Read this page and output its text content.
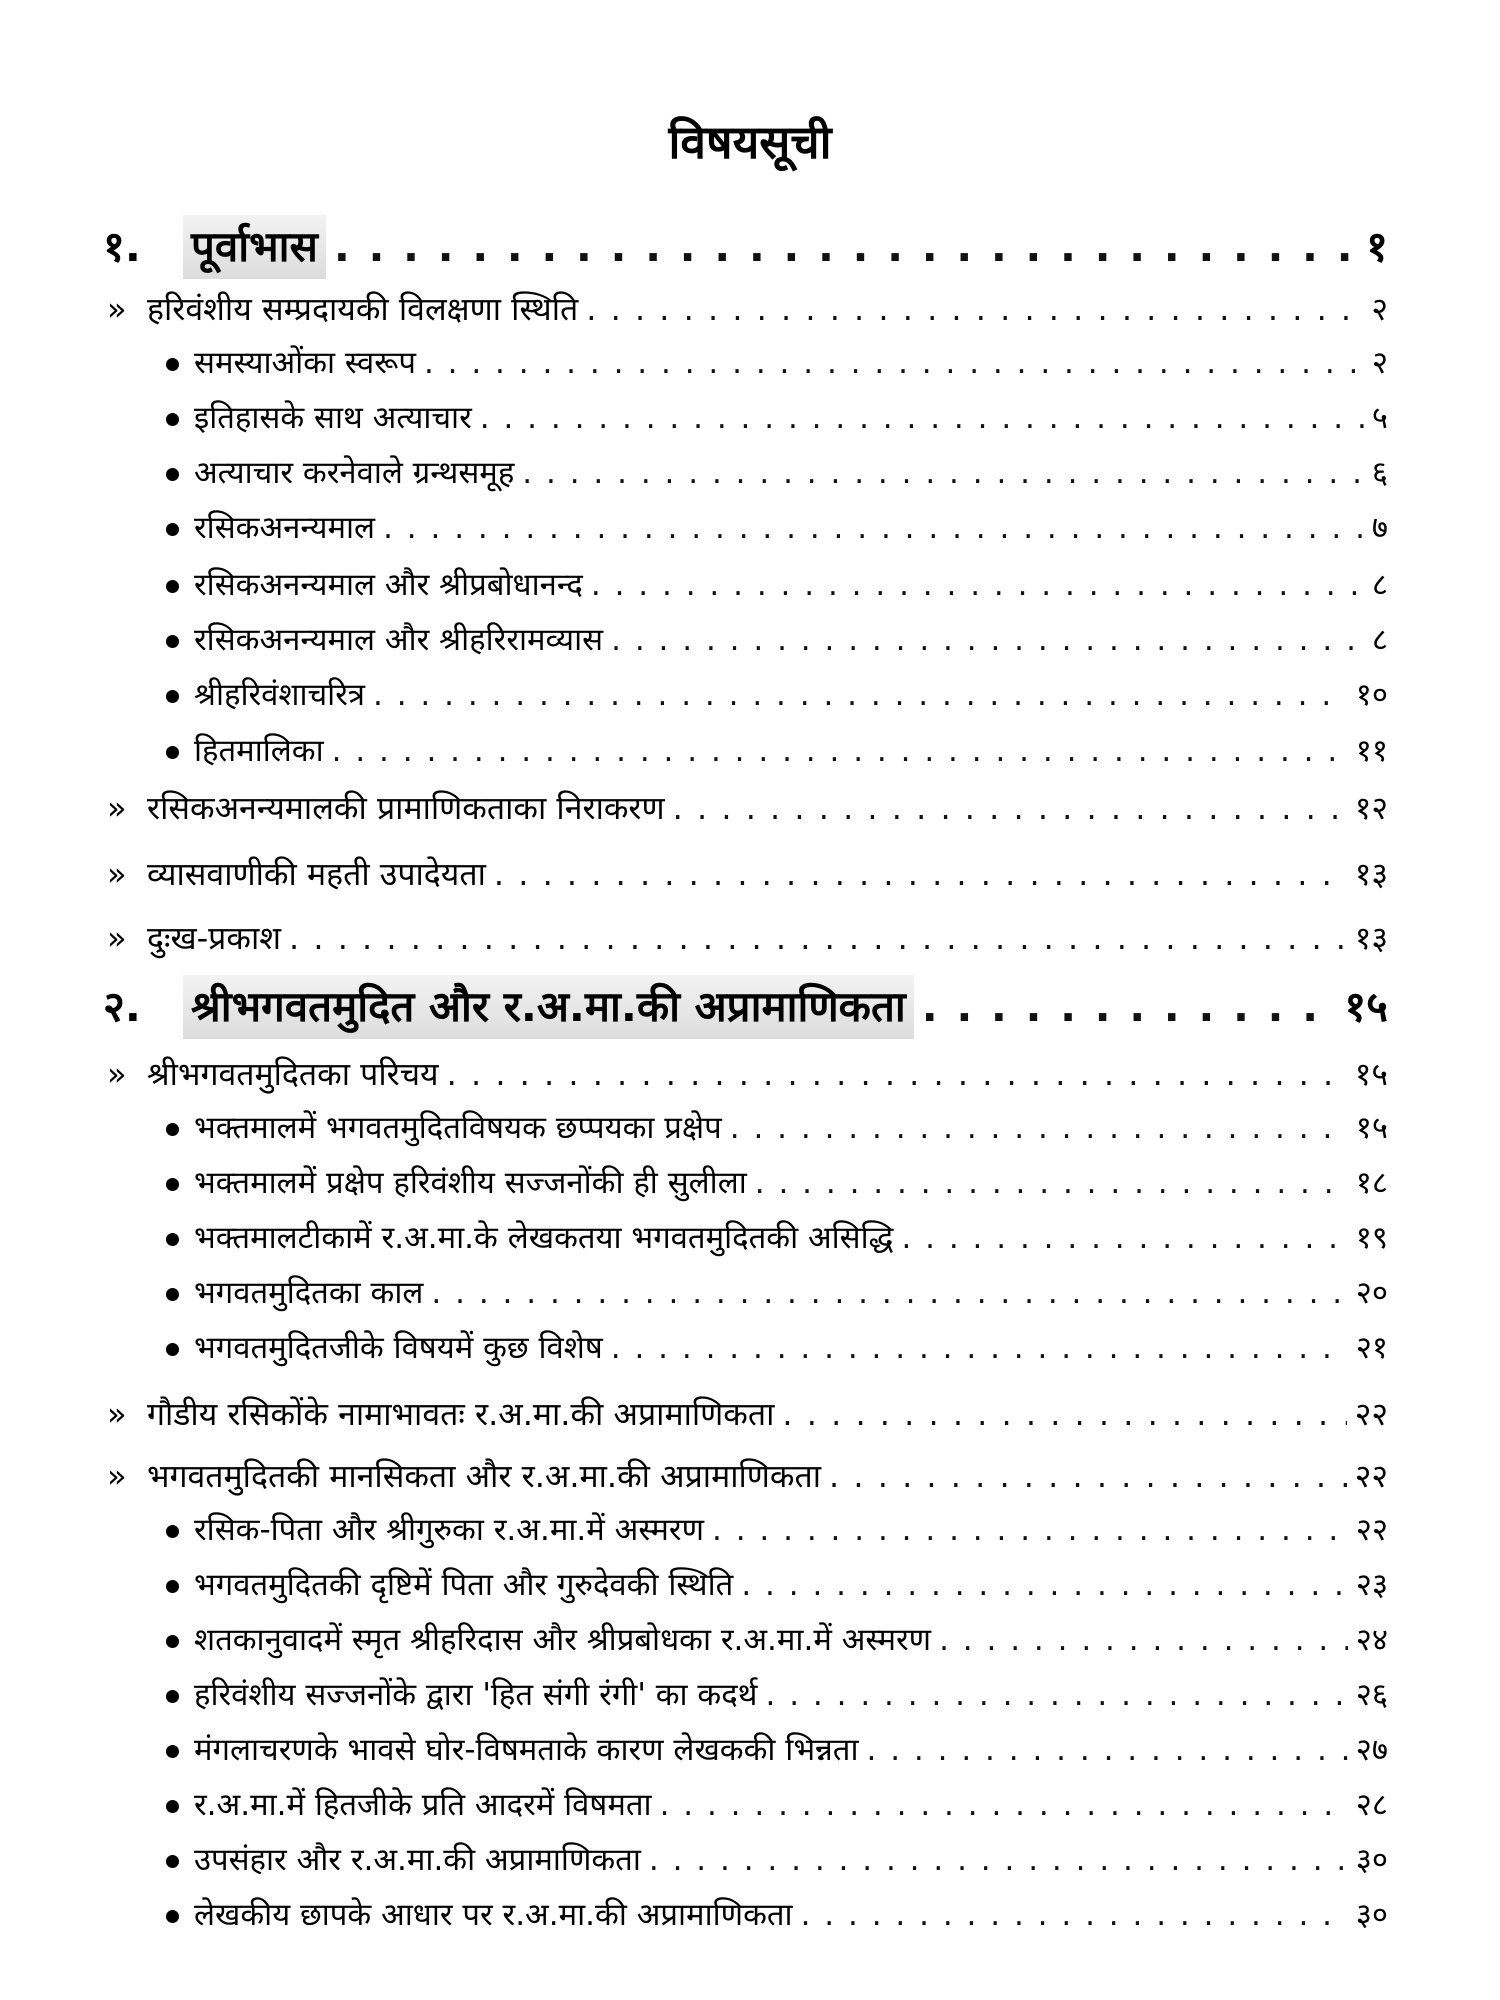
विषयसूची
१.	पूर्वाभास . . .	१
» हरिवंशीय सम्प्रदायकी विलक्षणा स्थिति . . .	२
समस्याओंका स्वरूप . . .	२
इतिहासके साथ अत्याचार . . .	५
अत्याचार करनेवाले ग्रन्थसमूह . . .	६
रसिकअनन्यमाल . . .	७
रसिकअनन्यमाल और श्रीप्रबोधानन्द . . .	८
रसिकअनन्यमाल और श्रीहरिरामव्यास . . .	८
श्रीहरिवंशाचरित्र . . .	१०
हितमालिका . . .	११
» रसिकअनन्यमालकी प्रामाणिकताका निराकरण . . .	१२
» व्यासवाणीकी महती उपादेयता . . .	१३
» दुःख-प्रकाश . . .	१३
२.	श्रीभगवतमुदित और र.अ.मा.की अप्रामाणिकता . . .	१५
» श्रीभगवतमुदितका परिचय . . .	१५
भक्तमालमें भगवतमुदितविषयक छप्पयका प्रक्षेप . . .	१५
भक्तमालमें प्रक्षेप हरिवंशीय सज्जनोंकी ही सुलीला . . .	१८
भक्तमालटीकामें र.अ.मा.के लेखकतया भगवतमुदितकी असिद्धि . . .	१९
भगवतमुदितका काल . . .	२०
भगवतमुदितजीके विषयमें कुछ विशेष . . .	२१
» गौडीय रसिकोंके नामाभावतः र.अ.मा.की अप्रामाणिकता . . .	२२
» भगवतमुदितकी मानसिकता और र.अ.मा.की अप्रामाणिकता . . .	२२
रसिक-पिता और श्रीगुरुका र.अ.मा.में अस्मरण . . .	२२
भगवतमुदितकी दृष्टिमें पिता और गुरुदेवकी स्थिति . . .	२३
शतकानुवादमें स्मृत श्रीहरिदास और श्रीप्रबोधका र.अ.मा.में अस्मरण . . .	२४
हरिवंशीय सज्जनोंके द्वारा 'हित संगी रंगी' का कदर्थ . . .	२६
मंगलाचरणके भावसे घोर-विषमताके कारण लेखककी भिन्नता . . .	२७
र.अ.मा.में हितजीके प्रति आदरमें विषमता . . .	२८
उपसंहार और र.अ.मा.की अप्रामाणिकता . . .	३०
लेखकीय छापके आधार पर र.अ.मा.की अप्रामाणिकता . . .	३०
